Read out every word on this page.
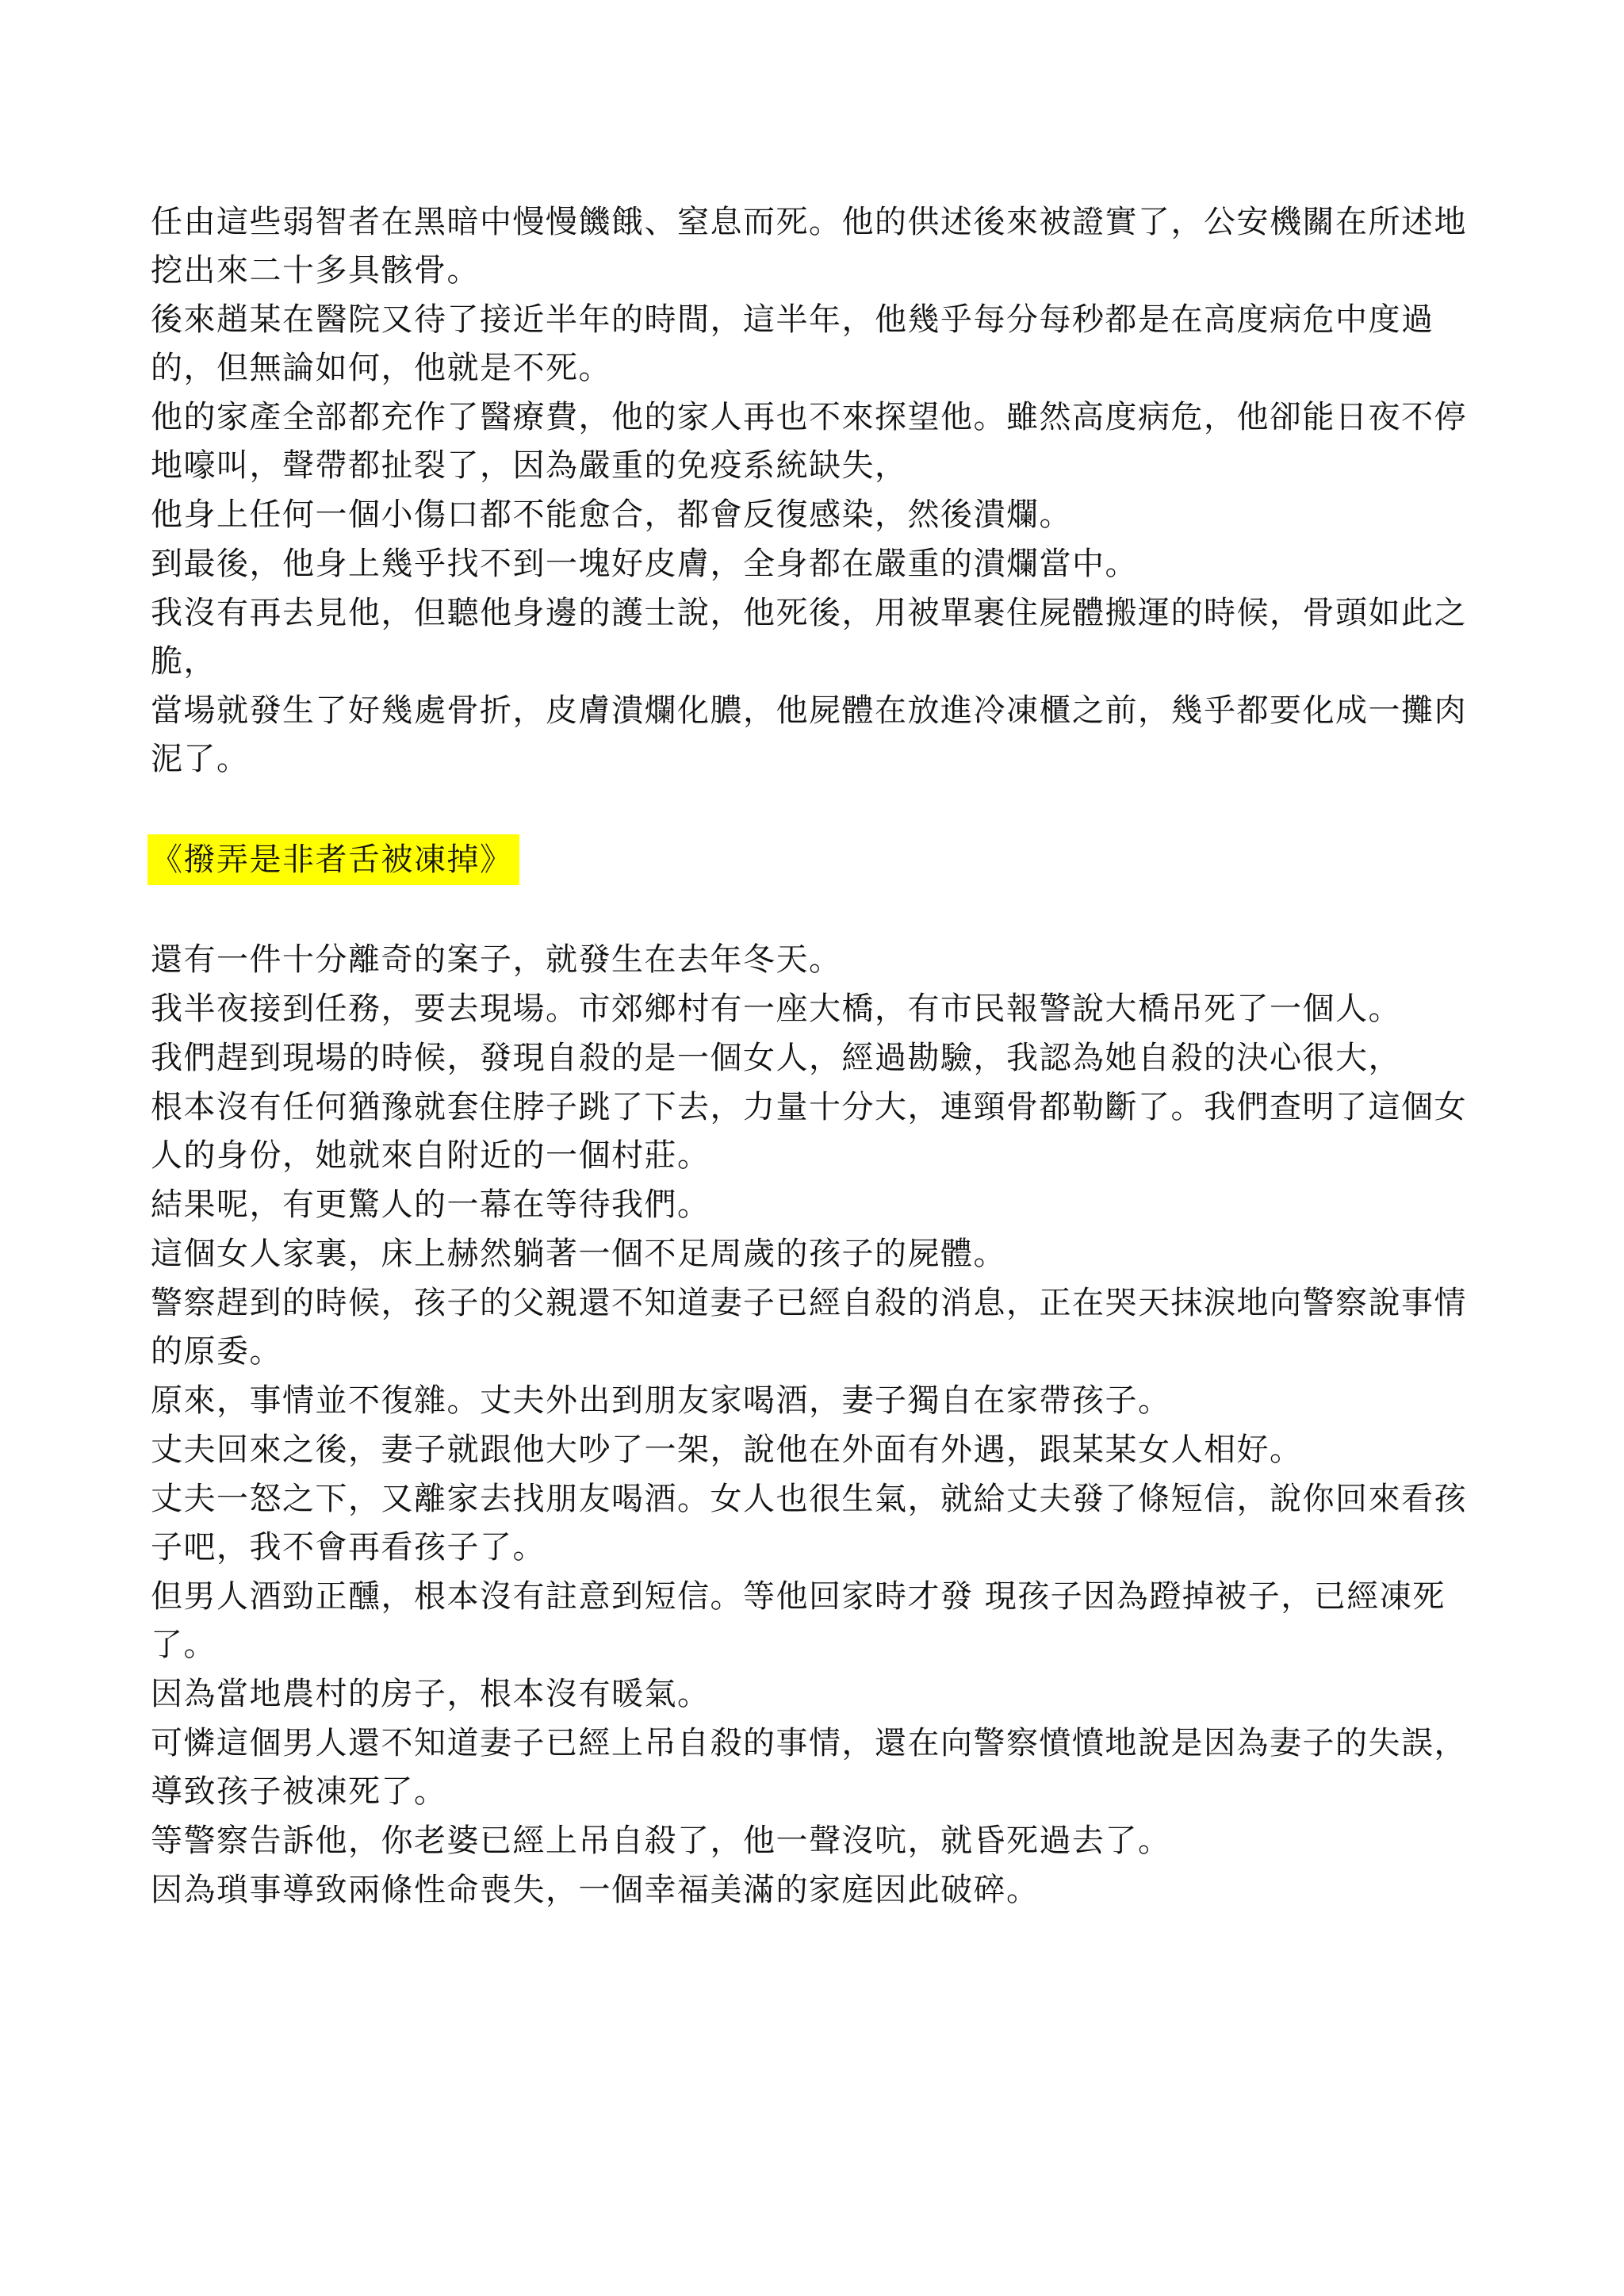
任由這些弱智者在黑暗中慢慢饑餓、窒息而死。他的供述後來被證實了，公安機關在所述地挖出來二十多具骸骨。

後來趙某在醫院又待了接近半年的時間，這半年，他幾乎每分每秒都是在高度病危中度過的，但無論如何，他就是不死。

他的家產全部都充作了醫療費，他的家人再也不來探望他。雖然高度病危，他卻能日夜不停地嚎叫，聲帶都扯裂了，因為嚴重的免疫系統缺失，

他身上任何一個小傷口都不能愈合，都會反復感染，然後潰爛。

到最後，他身上幾乎找不到一塊好皮膚，全身都在嚴重的潰爛當中。

我沒有再去見他，但聽他身邊的護士說，他死後，用被單裹住屍體搬運的時候，骨頭如此之脆，

當場就發生了好幾處骨折，皮膚潰爛化膿，他屍體在放進冷凍櫃之前，幾乎都要化成一攤肉泥了。

《撥弄是非者舌被凍掉》

還有一件十分離奇的案子，就發生在去年冬天。

我半夜接到任務，要去現場。市郊鄉村有一座大橋，有市民報警說大橋吊死了一個人。

我們趕到現場的時候，發現自殺的是一個女人，經過勘驗，我認為她自殺的決心很大，

根本沒有任何猶豫就套住脖子跳了下去，力量十分大，連頸骨都勒斷了。我們查明了這個女人的身份，她就來自附近的一個村莊。

結果呢，有更驚人的一幕在等待我們。

這個女人家裏，床上赫然躺著一個不足周歲的孩子的屍體。

警察趕到的時候，孩子的父親還不知道妻子已經自殺的消息，正在哭天抹淚地向警察說事情的原委。

原來，事情並不復雜。丈夫外出到朋友家喝酒，妻子獨自在家帶孩子。

丈夫回來之後，妻子就跟他大吵了一架，說他在外面有外遇，跟某某女人相好。

丈夫一怒之下，又離家去找朋友喝酒。女人也很生氣，就給丈夫發了條短信，說你回來看孩子吧，我不會再看孩子了。

但男人酒勁正醺，根本沒有註意到短信。等他回家時才發 現孩子因為蹬掉被子，已經凍死了。

因為當地農村的房子，根本沒有暖氣。

可憐這個男人還不知道妻子已經上吊自殺的事情，還在向警察憤憤地說是因為妻子的失誤，導致孩子被凍死了。

等警察告訴他，你老婆已經上吊自殺了，他一聲沒吭，就昏死過去了。

因為瑣事導致兩條性命喪失，一個幸福美滿的家庭因此破碎。
